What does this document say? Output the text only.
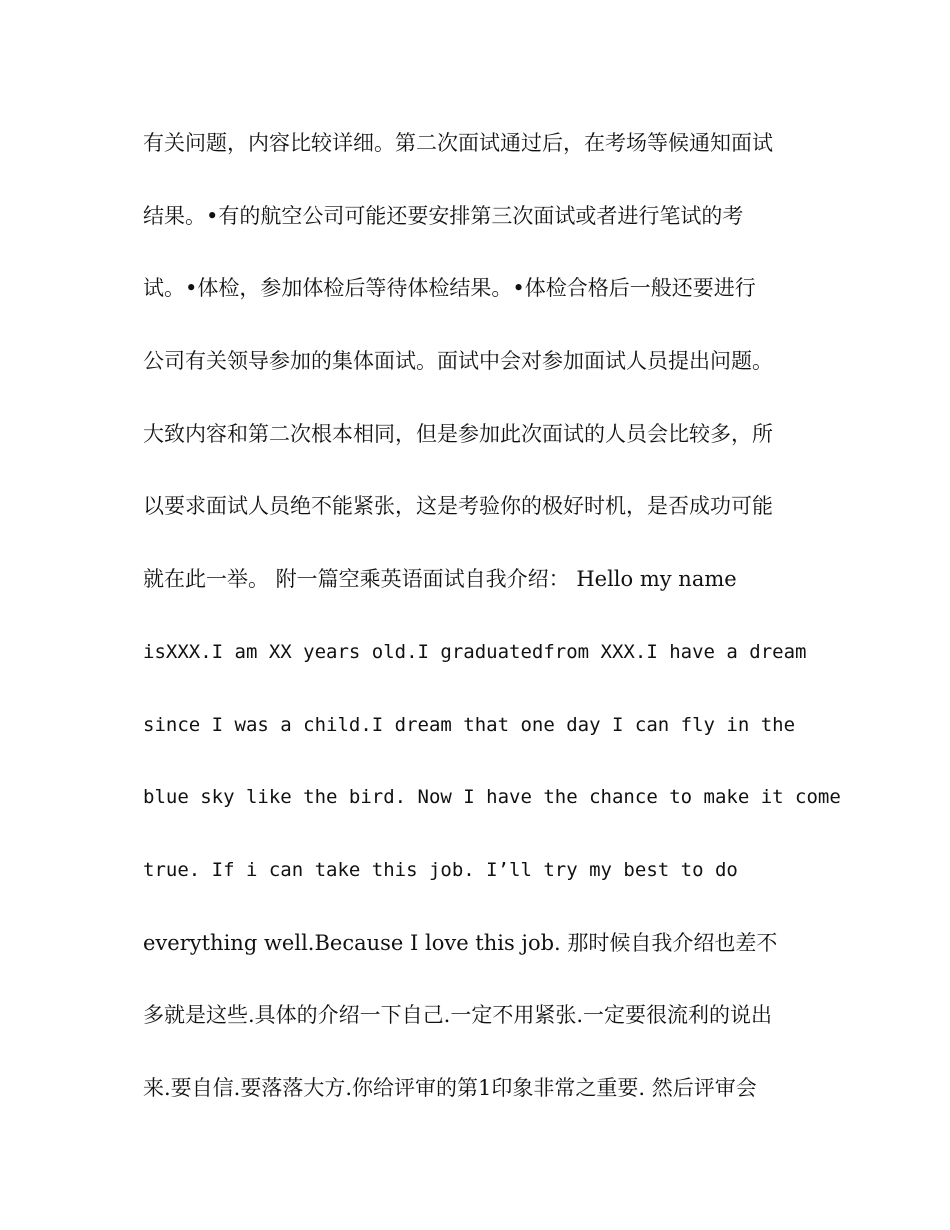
有关问题，内容比较详细。第二次面试通过后，在考场等候通知面试
结果。•有的航空公司可能还要安排第三次面试或者进行笔试的考
试。•体检，参加体检后等待体检结果。•体检合格后一般还要进行
公司有关领导参加的集体面试。面试中会对参加面试人员提出问题。
大致内容和第二次根本相同，但是参加此次面试的人员会比较多，所
以要求面试人员绝不能紧张，这是考验你的极好时机，是否成功可能
就在此一举。 附一篇空乘英语面试自我介绍： Hello my name
isXXX.I am XX years old.I graduatedfrom XXX.I have a dream
since I was a child.I dream that one day I can fly in the
blue sky like the bird. Now I have the chance to make it come
true. If i can take this job. I’ll try my best to do
everything well.Because I love this job. 那时候自我介绍也差不
多就是这些.具体的介绍一下自己.一定不用紧张.一定要很流利的说出
来.要自信.要落落大方.你给评审的第1印象非常之重要. 然后评审会
